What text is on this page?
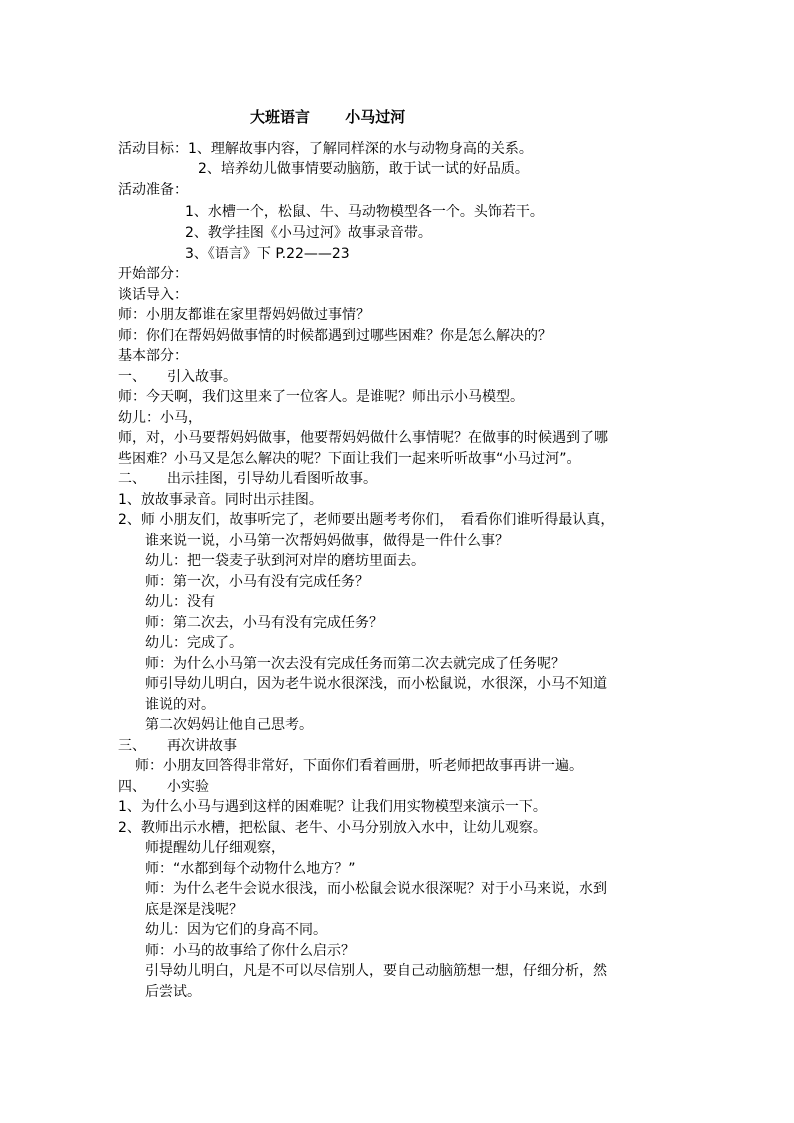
大班语言　　 小马过河
活动目标：1、理解故事内容，了解同样深的水与动物身高的关系。
2、培养幼儿做事情要动脑筋，敢于试一试的好品质。
活动准备：
1、水槽一个，松鼠、牛、马动物模型各一个。头饰若干。
2、教学挂图《小马过河》故事录音带。
3、《语言》下 P.22——23
开始部分：
谈话导入：
师：小朋友都谁在家里帮妈妈做过事情？
师：你们在帮妈妈做事情的时候都遇到过哪些困难？你是怎么解决的？
基本部分：
一、　　引入故事。
师：今天啊，我们这里来了一位客人。是谁呢？师出示小马模型。
幼儿：小马，
师，对，小马要帮妈妈做事，他要帮妈妈做什么事情呢？在做事的时候遇到了哪
些困难？小马又是怎么解决的呢？下面让我们一起来听听故事“小马过河”。
二、　　出示挂图，引导幼儿看图听故事。
1、放故事录音。同时出示挂图。
2、师 小朋友们，故事听完了，老师要出题考考你们，　看看你们谁听得最认真，
谁来说一说，小马第一次帮妈妈做事，做得是一件什么事？
幼儿：把一袋麦子驮到河对岸的磨坊里面去。
师：第一次，小马有没有完成任务？
幼儿：没有
师：第二次去，小马有没有完成任务？
幼儿：完成了。
师：为什么小马第一次去没有完成任务而第二次去就完成了任务呢？
师引导幼儿明白，因为老牛说水很深浅，而小松鼠说，水很深，小马不知道
谁说的对。
第二次妈妈让他自己思考。
三、　　再次讲故事
师：小朋友回答得非常好，下面你们看着画册，听老师把故事再讲一遍。
四、　　小实验
1、为什么小马与遇到这样的困难呢？让我们用实物模型来演示一下。
2、教师出示水槽，把松鼠、老牛、小马分别放入水中，让幼儿观察。
师提醒幼儿仔细观察，
师：“水都到每个动物什么地方？”
师：为什么老牛会说水很浅，而小松鼠会说水很深呢？对于小马来说，水到
底是深是浅呢？
幼儿：因为它们的身高不同。
师：小马的故事给了你什么启示？
引导幼儿明白，凡是不可以尽信别人，要自己动脑筋想一想，仔细分析，然
后尝试。
